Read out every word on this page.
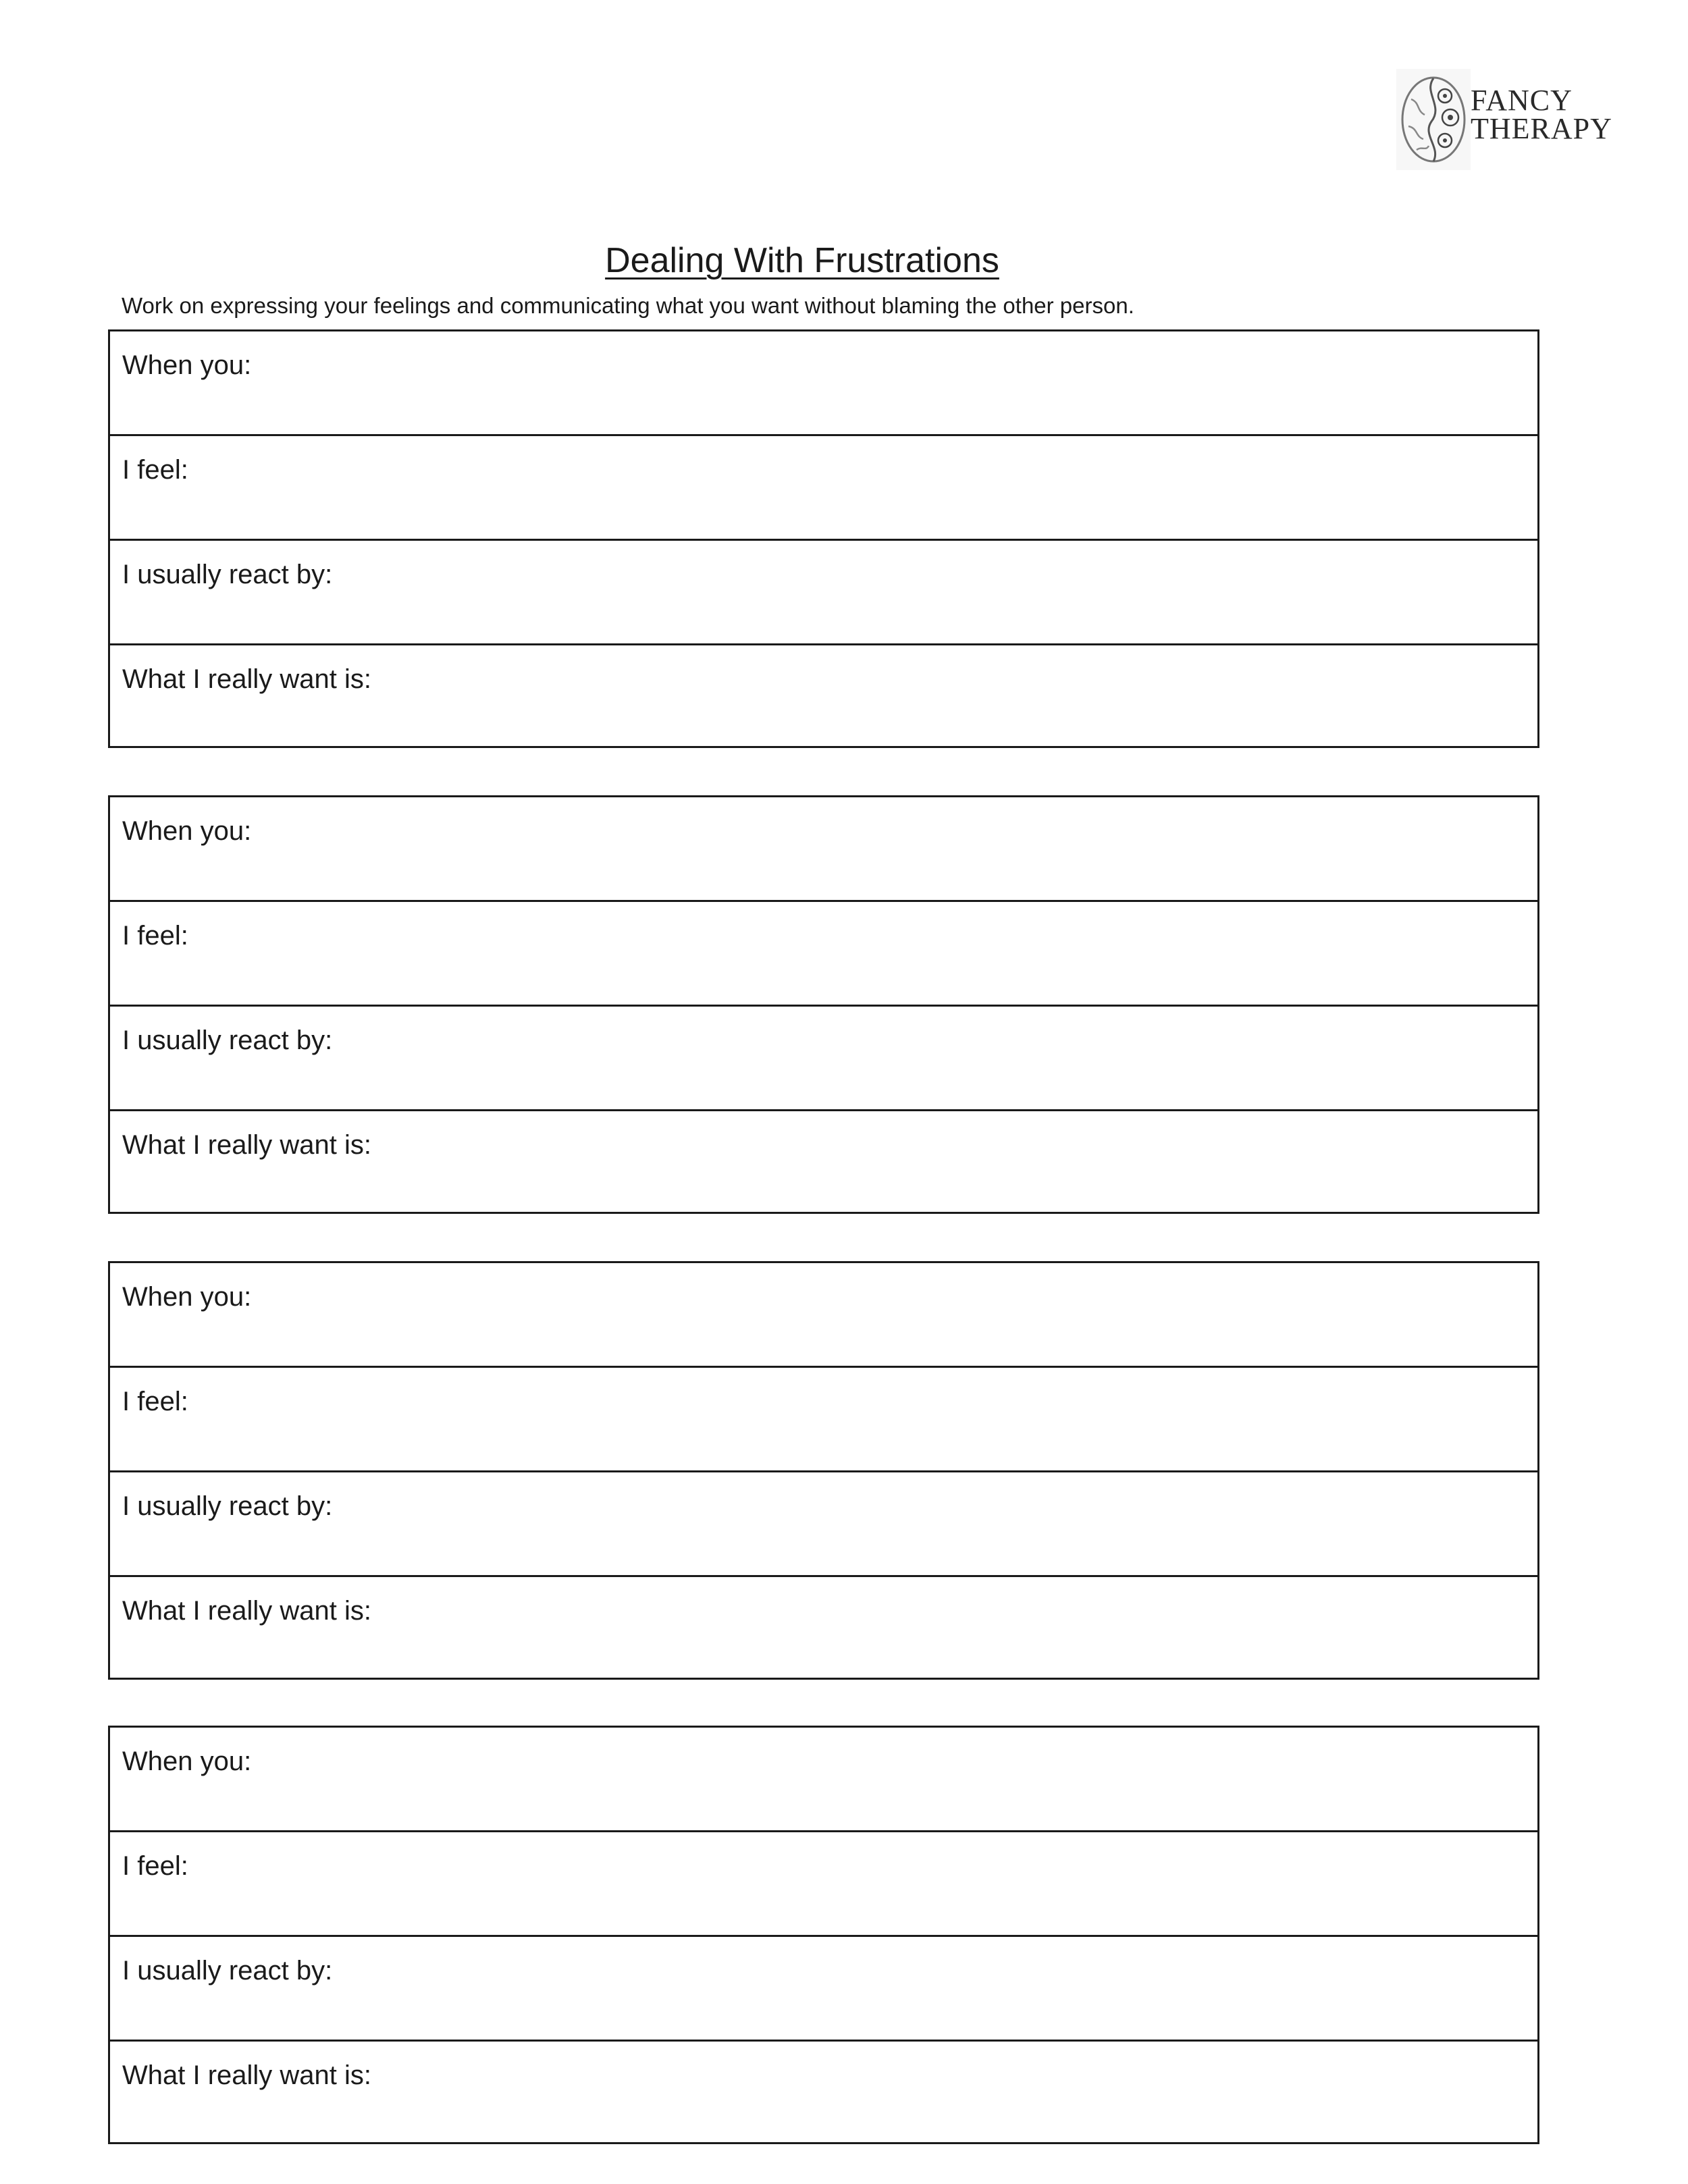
FANCY
THERAPY
Dealing With Frustrations
Work on expressing your feelings and communicating what you want without blaming the other person.
When you:
I feel:
I usually react by:
What I really want is:
When you:
I feel:
I usually react by:
What I really want is:
When you:
I feel:
I usually react by:
What I really want is:
When you:
I feel:
I usually react by:
What I really want is:
